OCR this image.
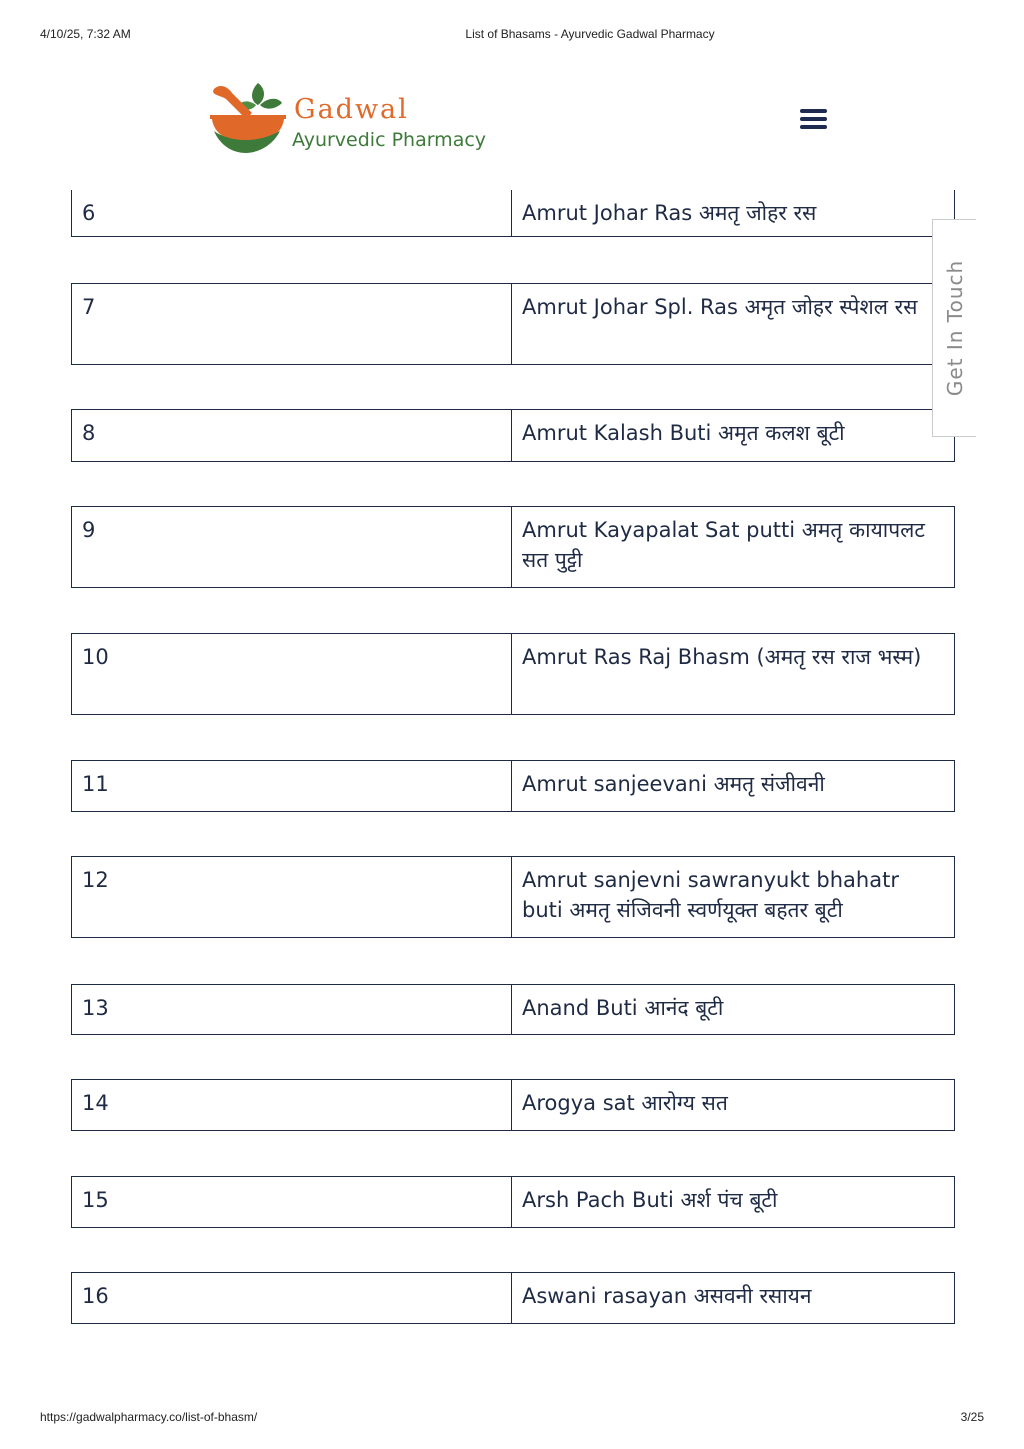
4/10/25, 7:32 AM	List of Bhasams - Ayurvedic Gadwal Pharmacy
Gadwal
Ayurvedic Pharmacy
6	Amrut Johar Ras अमतृ जोहर रस
7	Amrut Johar Spl. Ras अमृत जोहर स्पेशल रस
8	Amrut Kalash Buti अमृत कलश बूटी
9	Amrut Kayapalat Sat putti अमतृ कायापलट सत पुट्टी
10	Amrut Ras Raj Bhasm (अमतृ रस राज भस्म)
11	Amrut sanjeevani अमतृ संजीवनी
12	Amrut sanjevni sawranyukt bhahatr buti अमतृ संजिवनी स्वर्णयूक्त बहतर बूटी
13	Anand Buti आनंद बूटी
14	Arogya sat आरोग्य सत
15	Arsh Pach Buti अर्श पंच बूटी
16	Aswani rasayan असवनी रसायन
Get In Touch
https://gadwalpharmacy.co/list-of-bhasm/	3/25
